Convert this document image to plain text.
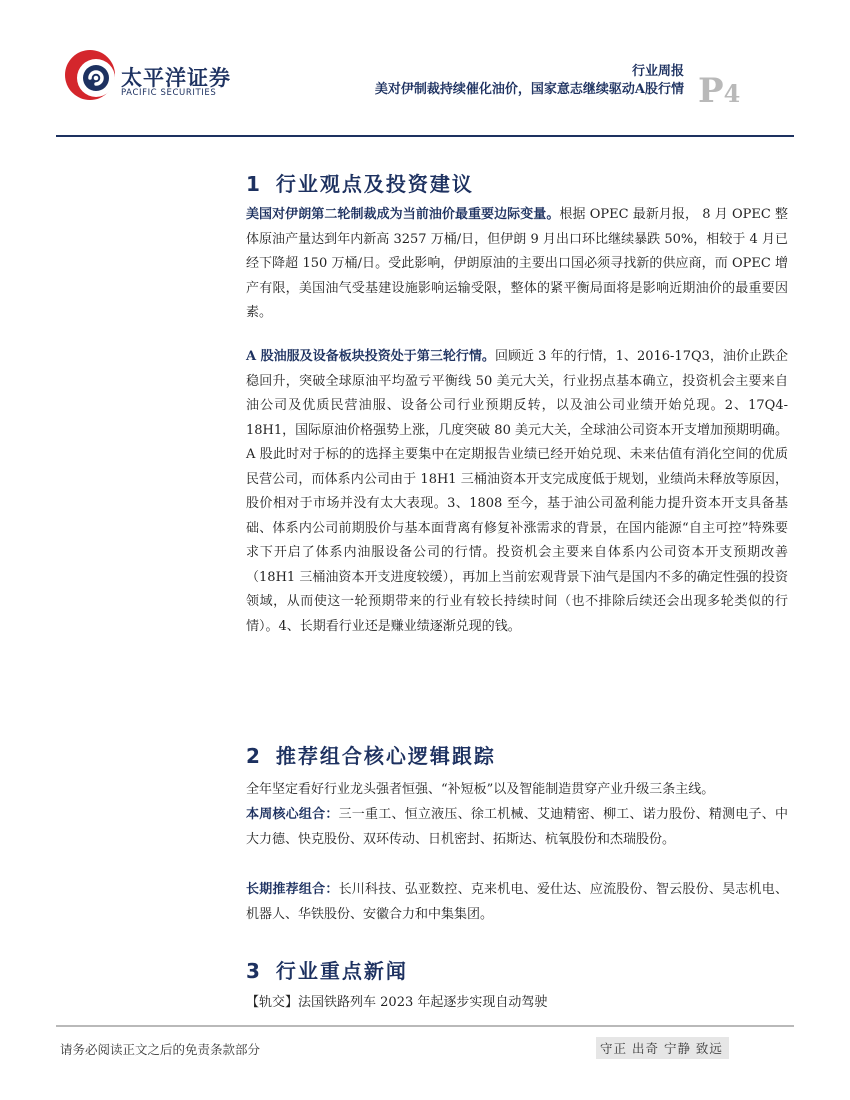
太平洋证券
PACIFIC SECURITIES
行业周报
美对伊制裁持续催化油价，国家意志继续驱动A股行情 P4
1 行业观点及投资建议

美国对伊朗第二轮制裁成为当前油价最重要边际变量。根据 OPEC 最新月报， 8 月 OPEC 整体原油产量达到年内新高 3257 万桶/日，但伊朗 9 月出口环比继续暴跌 50%，相较于 4 月已经下降超 150 万桶/日。受此影响，伊朗原油的主要出口国必须寻找新的供应商，而 OPEC 增产有限，美国油气受基建设施影响运输受限，整体的紧平衡局面将是影响近期油价的最重要因素。

A 股油服及设备板块投资处于第三轮行情。回顾近 3 年的行情，1、2016-17Q3，油价止跌企稳回升，突破全球原油平均盈亏平衡线 50 美元大关，行业拐点基本确立，投资机会主要来自油公司及优质民营油服、设备公司行业预期反转，以及油公司业绩开始兑现。2、17Q4-18H1，国际原油价格强势上涨，几度突破 80 美元大关，全球油公司资本开支增加预期明确。A 股此时对于标的的选择主要集中在定期报告业绩已经开始兑现、未来估值有消化空间的优质民营公司，而体系内公司由于 18H1 三桶油资本开支完成度低于规划，业绩尚未释放等原因，股价相对于市场并没有太大表现。3、1808 至今，基于油公司盈利能力提升资本开支具备基础、体系内公司前期股价与基本面背离有修复补涨需求的背景，在国内能源“自主可控”特殊要求下开启了体系内油服设备公司的行情。投资机会主要来自体系内公司资本开支预期改善（18H1 三桶油资本开支进度较缓），再加上当前宏观背景下油气是国内不多的确定性强的投资领域，从而使这一轮预期带来的行业有较长持续时间（也不排除后续还会出现多轮类似的行情）。4、长期看行业还是赚业绩逐渐兑现的钱。

2 推荐组合核心逻辑跟踪

全年坚定看好行业龙头强者恒强、“补短板”以及智能制造贯穿产业升级三条主线。

本周核心组合：三一重工、恒立液压、徐工机械、艾迪精密、柳工、诺力股份、精测电子、中大力德、快克股份、双环传动、日机密封、拓斯达、杭氧股份和杰瑞股份。

长期推荐组合：长川科技、弘亚数控、克来机电、爱仕达、应流股份、智云股份、昊志机电、机器人、华铁股份、安徽合力和中集集团。

3 行业重点新闻

【轨交】法国铁路列车 2023 年起逐步实现自动驾驶

请务必阅读正文之后的免责条款部分	守正 出奇 宁静 致远
